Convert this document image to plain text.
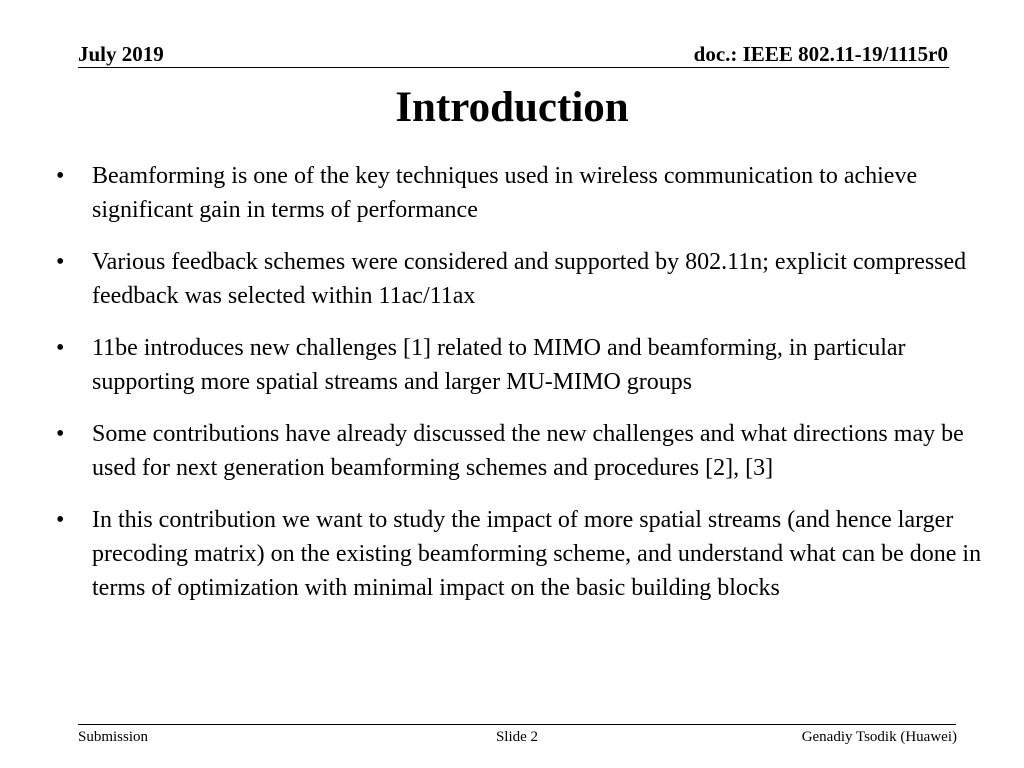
July 2019	doc.: IEEE 802.11-19/1115r0
Introduction
• Beamforming is one of the key techniques used in wireless communication to achieve significant gain in terms of performance
• Various feedback schemes were considered and supported by 802.11n; explicit compressed feedback was selected within 11ac/11ax
• 11be introduces new challenges [1] related to MIMO and beamforming, in particular supporting more spatial streams and larger MU-MIMO groups
• Some contributions have already discussed the new challenges and what directions may be used for next generation beamforming schemes and procedures [2], [3]
• In this contribution we want to study the impact of more spatial streams (and hence larger precoding matrix) on the existing beamforming scheme, and understand what can be done in terms of optimization with minimal impact on the basic building blocks
Submission	Slide 2	Genadiy Tsodik (Huawei)
